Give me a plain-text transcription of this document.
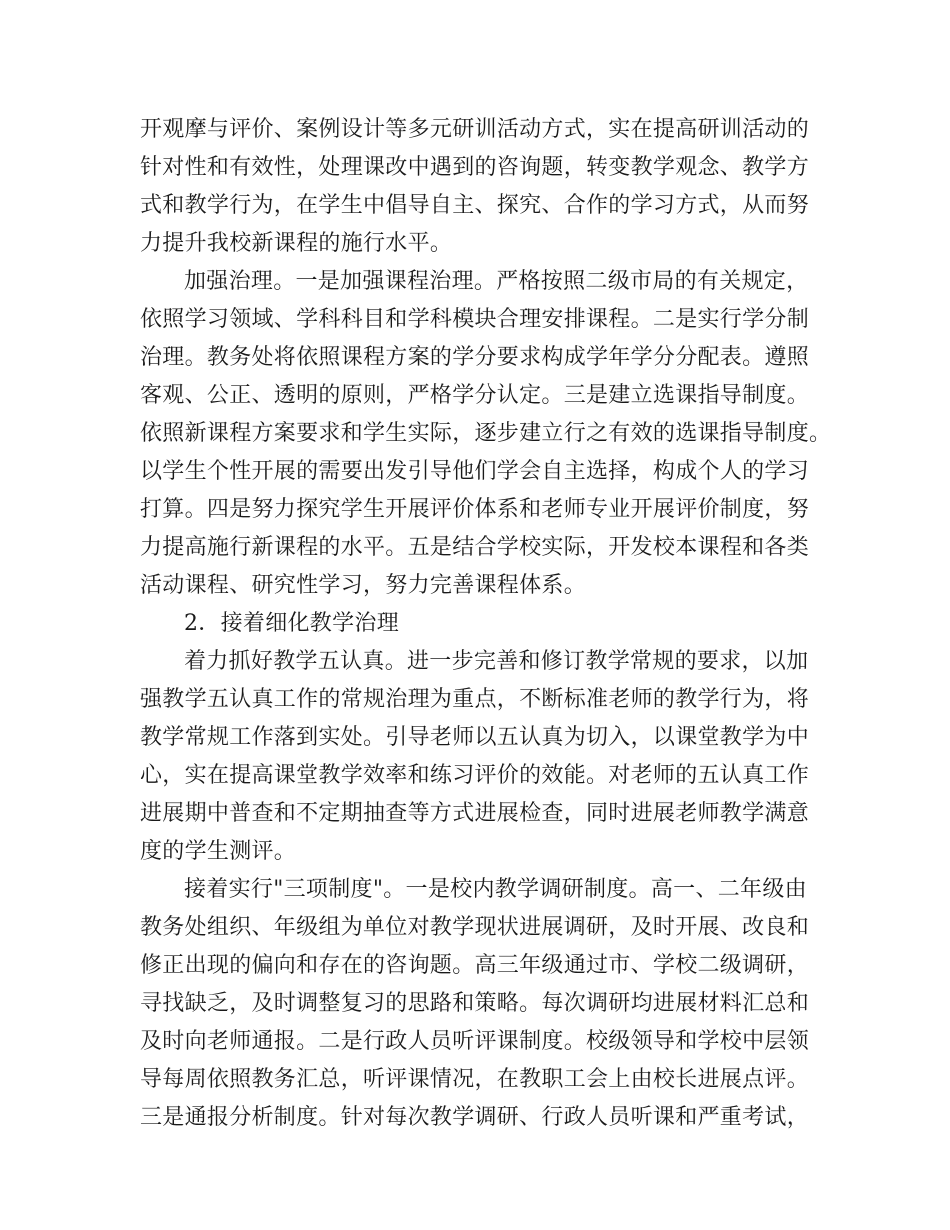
开观摩与评价、案例设计等多元研训活动方式，实在提高研训活动的
针对性和有效性，处理课改中遇到的咨询题，转变教学观念、教学方
式和教学行为，在学生中倡导自主、探究、合作的学习方式，从而努
力提升我校新课程的施行水平。
加强治理。一是加强课程治理。严格按照二级市局的有关规定，
依照学习领域、学科科目和学科模块合理安排课程。二是实行学分制
治理。教务处将依照课程方案的学分要求构成学年学分分配表。遵照
客观、公正、透明的原则，严格学分认定。三是建立选课指导制度。
依照新课程方案要求和学生实际，逐步建立行之有效的选课指导制度。
以学生个性开展的需要出发引导他们学会自主选择，构成个人的学习
打算。四是努力探究学生开展评价体系和老师专业开展评价制度，努
力提高施行新课程的水平。五是结合学校实际，开发校本课程和各类
活动课程、研究性学习，努力完善课程体系。
2．接着细化教学治理
着力抓好教学五认真。进一步完善和修订教学常规的要求，以加
强教学五认真工作的常规治理为重点，不断标准老师的教学行为，将
教学常规工作落到实处。引导老师以五认真为切入，以课堂教学为中
心，实在提高课堂教学效率和练习评价的效能。对老师的五认真工作
进展期中普查和不定期抽查等方式进展检查，同时进展老师教学满意
度的学生测评。
接着实行"三项制度"。一是校内教学调研制度。高一、二年级由
教务处组织、年级组为单位对教学现状进展调研，及时开展、改良和
修正出现的偏向和存在的咨询题。高三年级通过市、学校二级调研，
寻找缺乏，及时调整复习的思路和策略。每次调研均进展材料汇总和
及时向老师通报。二是行政人员听评课制度。校级领导和学校中层领
导每周依照教务汇总，听评课情况，在教职工会上由校长进展点评。
三是通报分析制度。针对每次教学调研、行政人员听课和严重考试，
